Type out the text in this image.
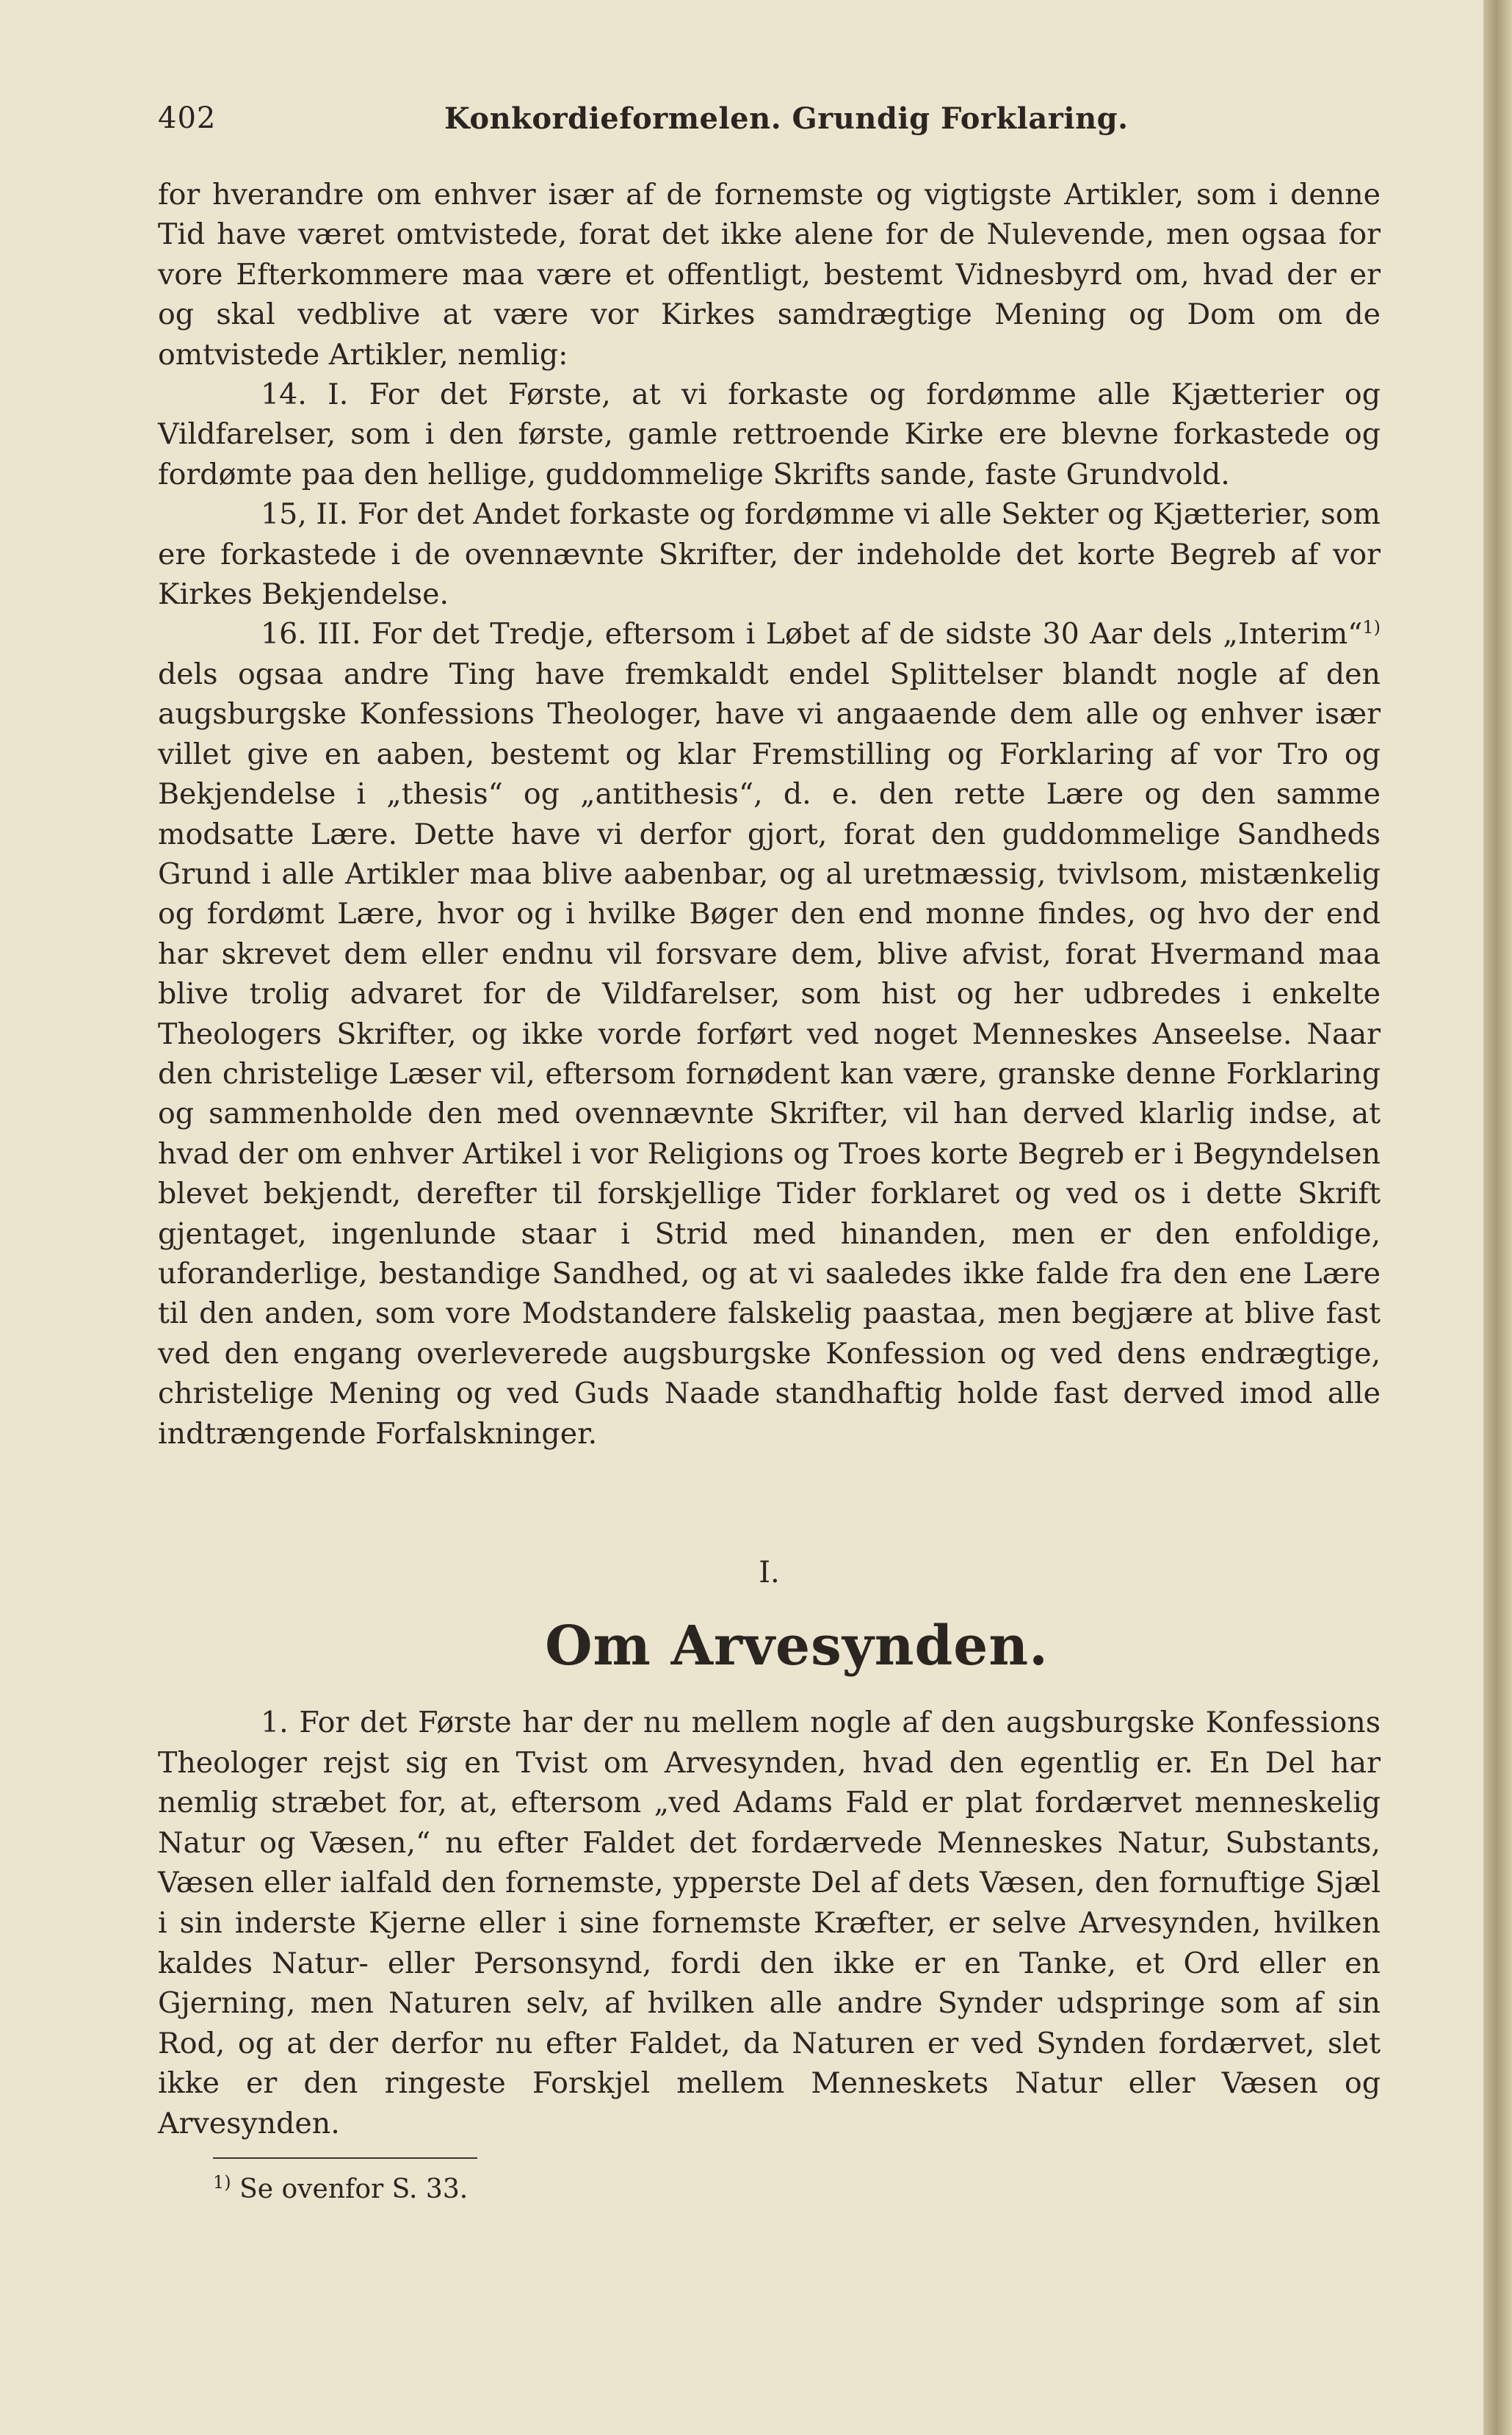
402	Konkordieformelen. Grundig Forklaring.

for hverandre om enhver især af de fornemste og vigtigste Artikler, som i denne Tid have været omtvistede, forat det ikke alene for de Nulevende, men ogsaa for vore Efterkommere maa være et offentligt, bestemt Vidnesbyrd om, hvad der er og skal vedblive at være vor Kirkes samdrægtige Mening og Dom om de omtvistede Artikler, nemlig:

14. I. For det Første, at vi forkaste og fordømme alle Kjætterier og Vildfarelser, som i den første, gamle rettroende Kirke ere blevne forkastede og fordømte paa den hellige, guddommelige Skrifts sande, faste Grundvold.

15, II. For det Andet forkaste og fordømme vi alle Sekter og Kjætterier, som ere forkastede i de ovennævnte Skrifter, der indeholde det korte Begreb af vor Kirkes Bekjendelse.

16. III. For det Tredje, eftersom i Løbet af de sidste 30 Aar dels „Interim“$^{1)}$ dels ogsaa andre Ting have fremkaldt endel Splittelser blandt nogle af den augsburgske Konfessions Theologer, have vi angaaende dem alle og enhver især villet give en aaben, bestemt og klar Fremstilling og Forklaring af vor Tro og Bekjendelse i „thesis“ og „antithesis“, d. e. den rette Lære og den samme modsatte Lære. Dette have vi derfor gjort, forat den guddommelige Sandheds Grund i alle Artikler maa blive aabenbar, og al uretmæssig, tvivlsom, mistænkelig og fordømt Lære, hvor og i hvilke Bøger den end monne findes, og hvo der end har skrevet dem eller endnu vil forsvare dem, blive afvist, forat Hvermand maa blive trolig advaret for de Vildfarelser, som hist og her udbredes i enkelte Theologers Skrifter, og ikke vorde forført ved noget Menneskes Anseelse. Naar den christelige Læser vil, eftersom fornødent kan være, granske denne Forklaring og sammenholde den med ovennævnte Skrifter, vil han derved klarlig indse, at hvad der om enhver Artikel i vor Religions og Troes korte Begreb er i Begyndelsen blevet bekjendt, derefter til forskjellige Tider forklaret og ved os i dette Skrift gjentaget, ingenlunde staar i Strid med hinanden, men er den enfoldige, uforanderlige, bestandige Sandhed, og at vi saaledes ikke falde fra den ene Lære til den anden, som vore Modstandere falskelig paastaa, men begjære at blive fast ved den engang overleverede augsburgske Konfession og ved dens endrægtige, christelige Mening og ved Guds Naade standhaftig holde fast derved imod alle indtrængende Forfalskninger.

I.
Om Arvesynden.

1. For det Første har der nu mellem nogle af den augsburgske Konfessions Theologer rejst sig en Tvist om Arvesynden, hvad den egentlig er. En Del har nemlig stræbet for, at, eftersom „ved Adams Fald er plat fordærvet menneskelig Natur og Væsen,“ nu efter Faldet det fordærvede Menneskes Natur, Substants, Væsen eller ialfald den fornemste, ypperste Del af dets Væsen, den fornuftige Sjæl i sin inderste Kjerne eller i sine fornemste Kræfter, er selve Arvesynden, hvilken kaldes Natur- eller Personsynd, fordi den ikke er en Tanke, et Ord eller en Gjerning, men Naturen selv, af hvilken alle andre Synder udspringe som af sin Rod, og at der derfor nu efter Faldet, da Naturen er ved Synden fordærvet, slet ikke er den ringeste Forskjel mellem Menneskets Natur eller Væsen og Arvesynden.

$^{1)}$ Se ovenfor S. 33.
